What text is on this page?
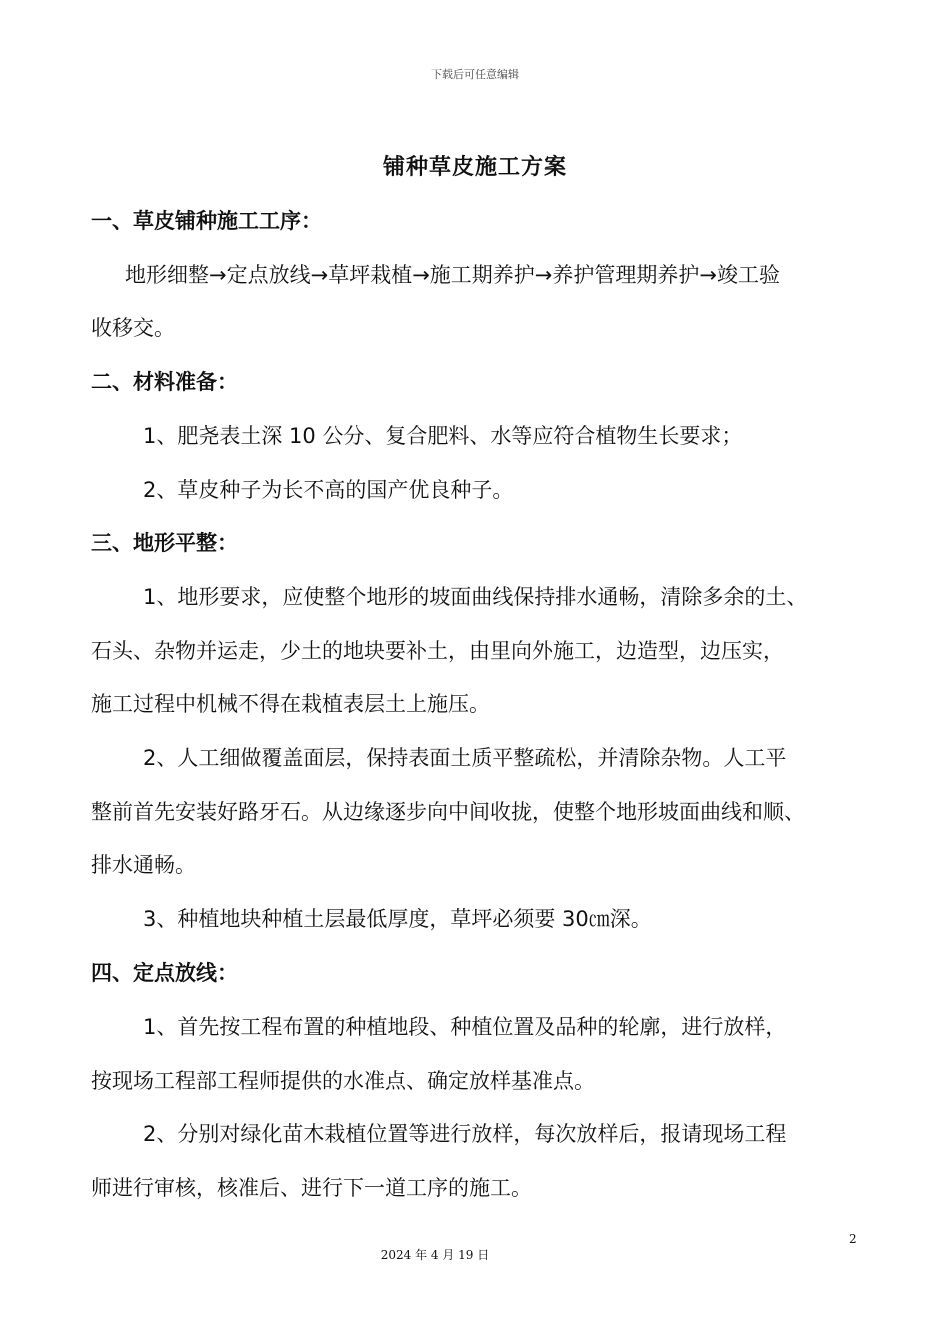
下载后可任意编辑
铺种草皮施工方案
一、草皮铺种施工工序：
地形细整→定点放线→草坪栽植→施工期养护→养护管理期养护→竣工验
收移交。
二、材料准备：
1、肥尧表土深 10 公分、复合肥料、水等应符合植物生长要求；
2、草皮种子为长不高的国产优良种子。
三、地形平整：
1、地形要求，应使整个地形的坡面曲线保持排水通畅，清除多余的土、
石头、杂物并运走，少土的地块要补土，由里向外施工，边造型，边压实，
施工过程中机械不得在栽植表层土上施压。
2、人工细做覆盖面层，保持表面土质平整疏松，并清除杂物。人工平
整前首先安装好路牙石。从边缘逐步向中间收拢，使整个地形坡面曲线和顺、
排水通畅。
3、种植地块种植土层最低厚度，草坪必须要 30㎝深。
四、定点放线：
1、首先按工程布置的种植地段、种植位置及品种的轮廓，进行放样，
按现场工程部工程师提供的水准点、确定放样基准点。
2、分别对绿化苗木栽植位置等进行放样，每次放样后，报请现场工程
师进行审核，核准后、进行下一道工序的施工。
2
2024 年 4 月 19 日
